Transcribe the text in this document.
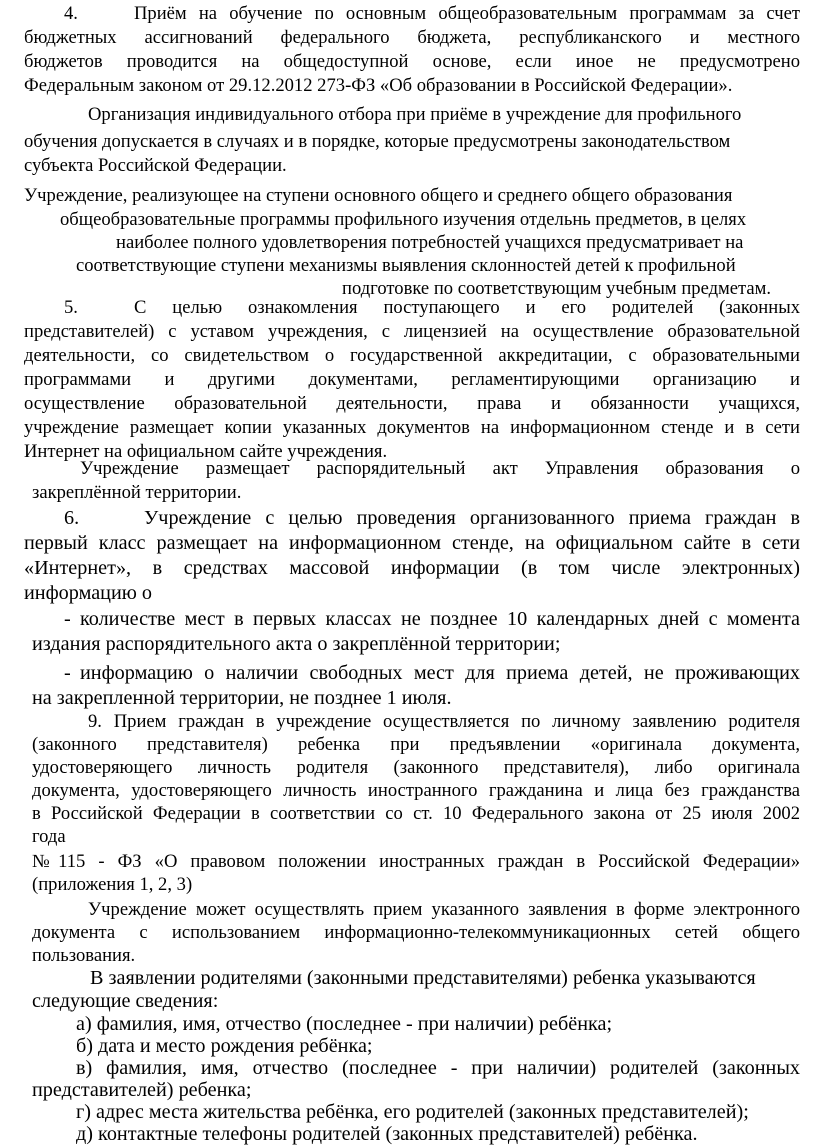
4.	Приём на обучение по основным общеобразовательным программам за счет

бюджетных ассигнований федерального бюджета, республиканского и местного

бюджетов проводится на общедоступной основе, если иное не предусмотрено

Федеральным законом от 29.12.2012 273-ФЗ «Об образовании в Российской Федерации».

Организация индивидуального отбора при приёме в учреждение для профильного

обучения допускается в случаях и в порядке, которые предусмотрены законодательством

субъекта Российской Федерации.

Учреждение, реализующее на ступени основного общего и среднего общего образования

общеобразовательные программы профильного изучения отдельнь предметов, в целях

наиболее полного удовлетворения потребностей учащихся предусматривает на

соответствующие ступени механизмы выявления склонностей детей к профильной

подготовке по соответствующим учебным предметам.

5.	С целью ознакомления поступающего и его родителей (законных

представителей) с уставом учреждения, с лицензией на осуществление образовательной

деятельности, со свидетельством о государственной аккредитации, с образовательными

программами и другими документами, регламентирующими организацию и

осуществление образовательной деятельности, права и обязанности учащихся,

учреждение размещает копии указанных документов на информационном стенде и в сети

Интернет на официальном сайте учреждения.

Учреждение размещает распорядительный акт Управления образования о

закреплённой территории.

6.	Учреждение с целью проведения организованного приема граждан в

первый класс размещает на информационном стенде, на официальном сайте в сети

«Интернет», в средствах массовой информации (в том числе электронных)

информацию о

- количестве мест в первых классах не позднее 10 календарных дней с момента

издания распорядительного акта о закреплённой территории;

- информацию о наличии свободных мест для приема детей, не проживающих

на закрепленной территории, не позднее 1 июля.

9. Прием граждан в учреждение осуществляется по личному заявлению родителя

(законного представителя) ребенка при предъявлении «оригинала документа,

удостоверяющего личность родителя (законного представителя), либо оригинала

документа, удостоверяющего личность иностранного гражданина и лица без гражданства

в Российской Федерации в соответствии со ст. 10 Федерального закона от 25 июля 2002

года

№115 - ФЗ «О правовом положении иностранных граждан в Российской Федерации»

(приложения 1, 2, 3)

Учреждение может осуществлять прием указанного заявления в форме электронного

документа с использованием информационно-телекоммуникационных сетей общего

пользования.

В заявлении родителями (законными представителями) ребенка указываются

следующие сведения:

а) фамилия, имя, отчество (последнее - при наличии) ребёнка;

б) дата и место рождения ребёнка;

в) фамилия, имя, отчество (последнее - при наличии) родителей (законных

представителей) ребенка;

г) адрес места жительства ребёнка, его родителей (законных представителей);

д) контактные телефоны родителей (законных представителей) ребёнка.
